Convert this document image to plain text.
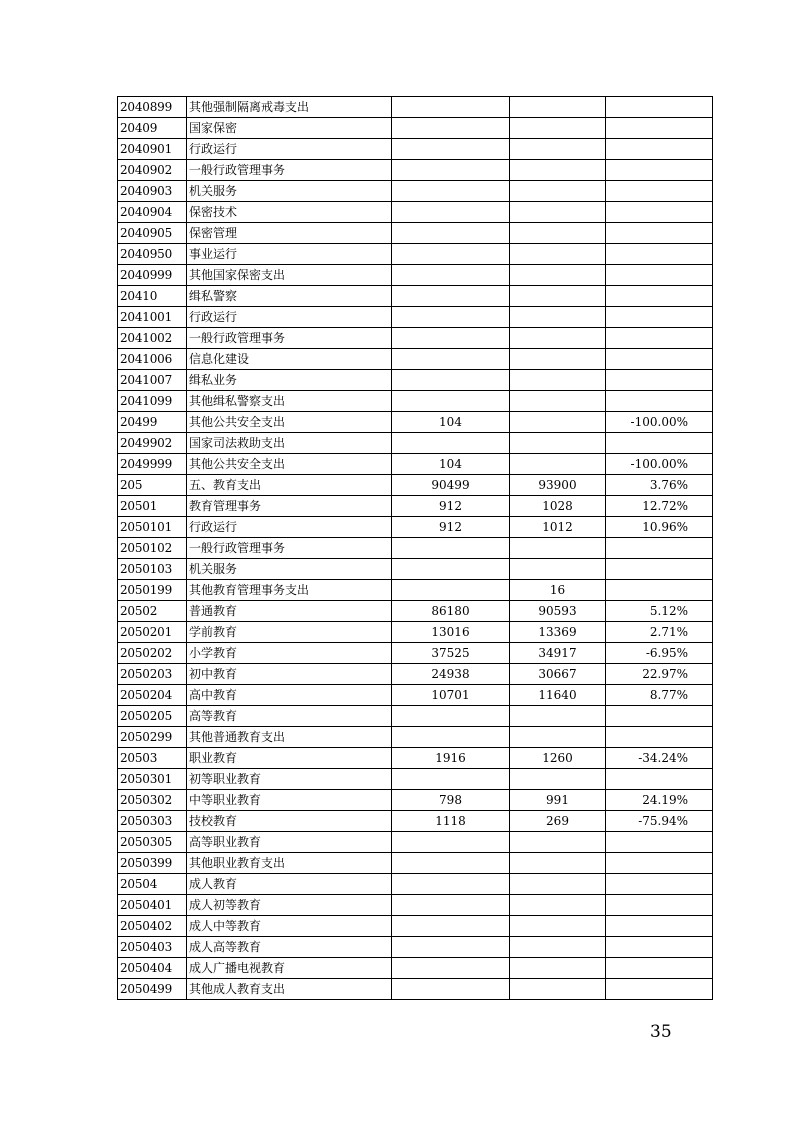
2040899	其他强制隔离戒毒支出			
20409	国家保密			
2040901	行政运行			
2040902	一般行政管理事务			
2040903	机关服务			
2040904	保密技术			
2040905	保密管理			
2040950	事业运行			
2040999	其他国家保密支出			
20410	缉私警察			
2041001	行政运行			
2041002	一般行政管理事务			
2041006	信息化建设			
2041007	缉私业务			
2041099	其他缉私警察支出			
20499	其他公共安全支出	104		-100.00%
2049902	国家司法救助支出			
2049999	其他公共安全支出	104		-100.00%
205	五、教育支出	90499	93900	3.76%
20501	教育管理事务	912	1028	12.72%
2050101	行政运行	912	1012	10.96%
2050102	一般行政管理事务			
2050103	机关服务			
2050199	其他教育管理事务支出		16	
20502	普通教育	86180	90593	5.12%
2050201	学前教育	13016	13369	2.71%
2050202	小学教育	37525	34917	-6.95%
2050203	初中教育	24938	30667	22.97%
2050204	高中教育	10701	11640	8.77%
2050205	高等教育			
2050299	其他普通教育支出			
20503	职业教育	1916	1260	-34.24%
2050301	初等职业教育			
2050302	中等职业教育	798	991	24.19%
2050303	技校教育	1118	269	-75.94%
2050305	高等职业教育			
2050399	其他职业教育支出			
20504	成人教育			
2050401	成人初等教育			
2050402	成人中等教育			
2050403	成人高等教育			
2050404	成人广播电视教育			
2050499	其他成人教育支出			
35
